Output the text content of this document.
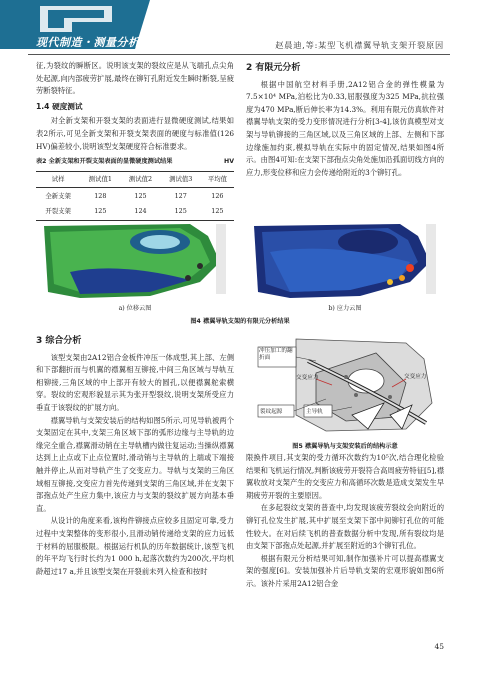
现代制造・测量分析	赵晨迪,等:某型飞机襟翼导轨支架开裂原因

征,为裂纹的瞬断区。说明该支架的裂纹应是从飞端孔点尖角处起源,向内部疲劳扩展,最终在铆钉孔附近发生瞬时断裂,呈疲劳断裂特征。

1.4 硬度测试

对全新支架和开裂支架的表面进行显微硬度测试,结果如表2所示,可见全新支架和开裂支架表面的硬度与标准值(126 HV)偏差较小,说明该型支架硬度符合标准要求。

表2 全新支架和开裂支架表面的显微硬度测试结果	HV
试样	测试值1	测试值2	测试值3	平均值
全新支架	128	125	127	126
开裂支架	125	124	125	125
2 有限元分析

根据中国航空材料手册,2A12铝合金的弹性模量为7.5×10⁴ MPa,泊松比为0.33,屈服强度为325 MPa,抗拉强度为470 MPa,断后伸长率为14.3%。利用有限元仿真软件对襟翼导轨支架的受力变形情况进行分析[3-4],该仿真模型对支架与导轨铆接的三角区域,以及三角区域的上部、左侧和下部边缘施加约束,模拟导轨在实际中的固定情况,结果如图4所示。由图4可知:在支架下部孢点尖角处施加沿孤面切线方向的应力,形变位移和应力会传递给附近的3个铆钉孔。

a) 位移云图	b) 应力云图
图4 襟翼导轨支架的有限元分析结果
3 综合分析

该型支架由2A12铝合金板件冲压一体成型,其上部、左侧和下部翻折而与机翼的襟翼相互铆接,中间三角区域与导轨互相铆接,三角区域的中上部开有较大的圆孔,以便襟翼舵索横穿。裂纹的宏观形貌显示其为张开型裂纹,说明支架所受应力垂直于该裂纹的扩展方向。

襟翼导轨与支架安装后的结构如图5所示,可见导轨被两个支架固定在其中,支架三角区域下部的弧形边缘与主导轨的边缘完全重合,襟翼滑动销在主导轨槽内做往复运动;当操纵襟翼达到上止点或下止点位置时,滑动销与主导轨的上端或下端接触并停止,从而对导轨产生了交变应力。导轨与支架的三角区域相互铆接,交变应力首先传递到支架的三角区域,并在支架下部孢点处产生应力集中,该应力与支架的裂纹扩展方向基本垂直。

从设计的角度来看,该构件铆接点应较多且固定可靠,受力过程中支架整体的变形很小,且滑动销传递给支架的应力远低于材料的屈服极限。根据运行机队的历年数据统计,该型飞机的年平均飞行时长约为1 000 h,起落次数约为200次,平均机龄超过17 a,并且该型支架在开裂前未列入检查和按时

冲压加工的翻折面
交变应力	交变应力
裂纹起源	主导轨
图5 襟翼导轨与支架安装后的结构示意

限换件项目,其支架的受力循环次数约为10⁵次,结合理化检验结果和飞机运行情况,判断该疲劳开裂符合高周疲劳特征[5],襟翼收放对支架产生的交变应力和高循环次数是造成支架发生早期疲劳开裂的主要原因。

在多起裂纹支架的普查中,均发现该疲劳裂纹会向附近的铆钉孔位发生扩展,其中扩展至支架下部中间铆钉孔位的可能性较大。在对后续飞机的普查数据分析中发现,所有裂纹均是由支架下部孢点处起源,并扩展至附近的3个铆钉孔位。

根据有限元分析结果可知,制作加强补片可以提高襟翼支架的强度[6]。安装加强补片后导轨支架的宏观形貌如图6所示。该补片采用2A12铝合金

45
